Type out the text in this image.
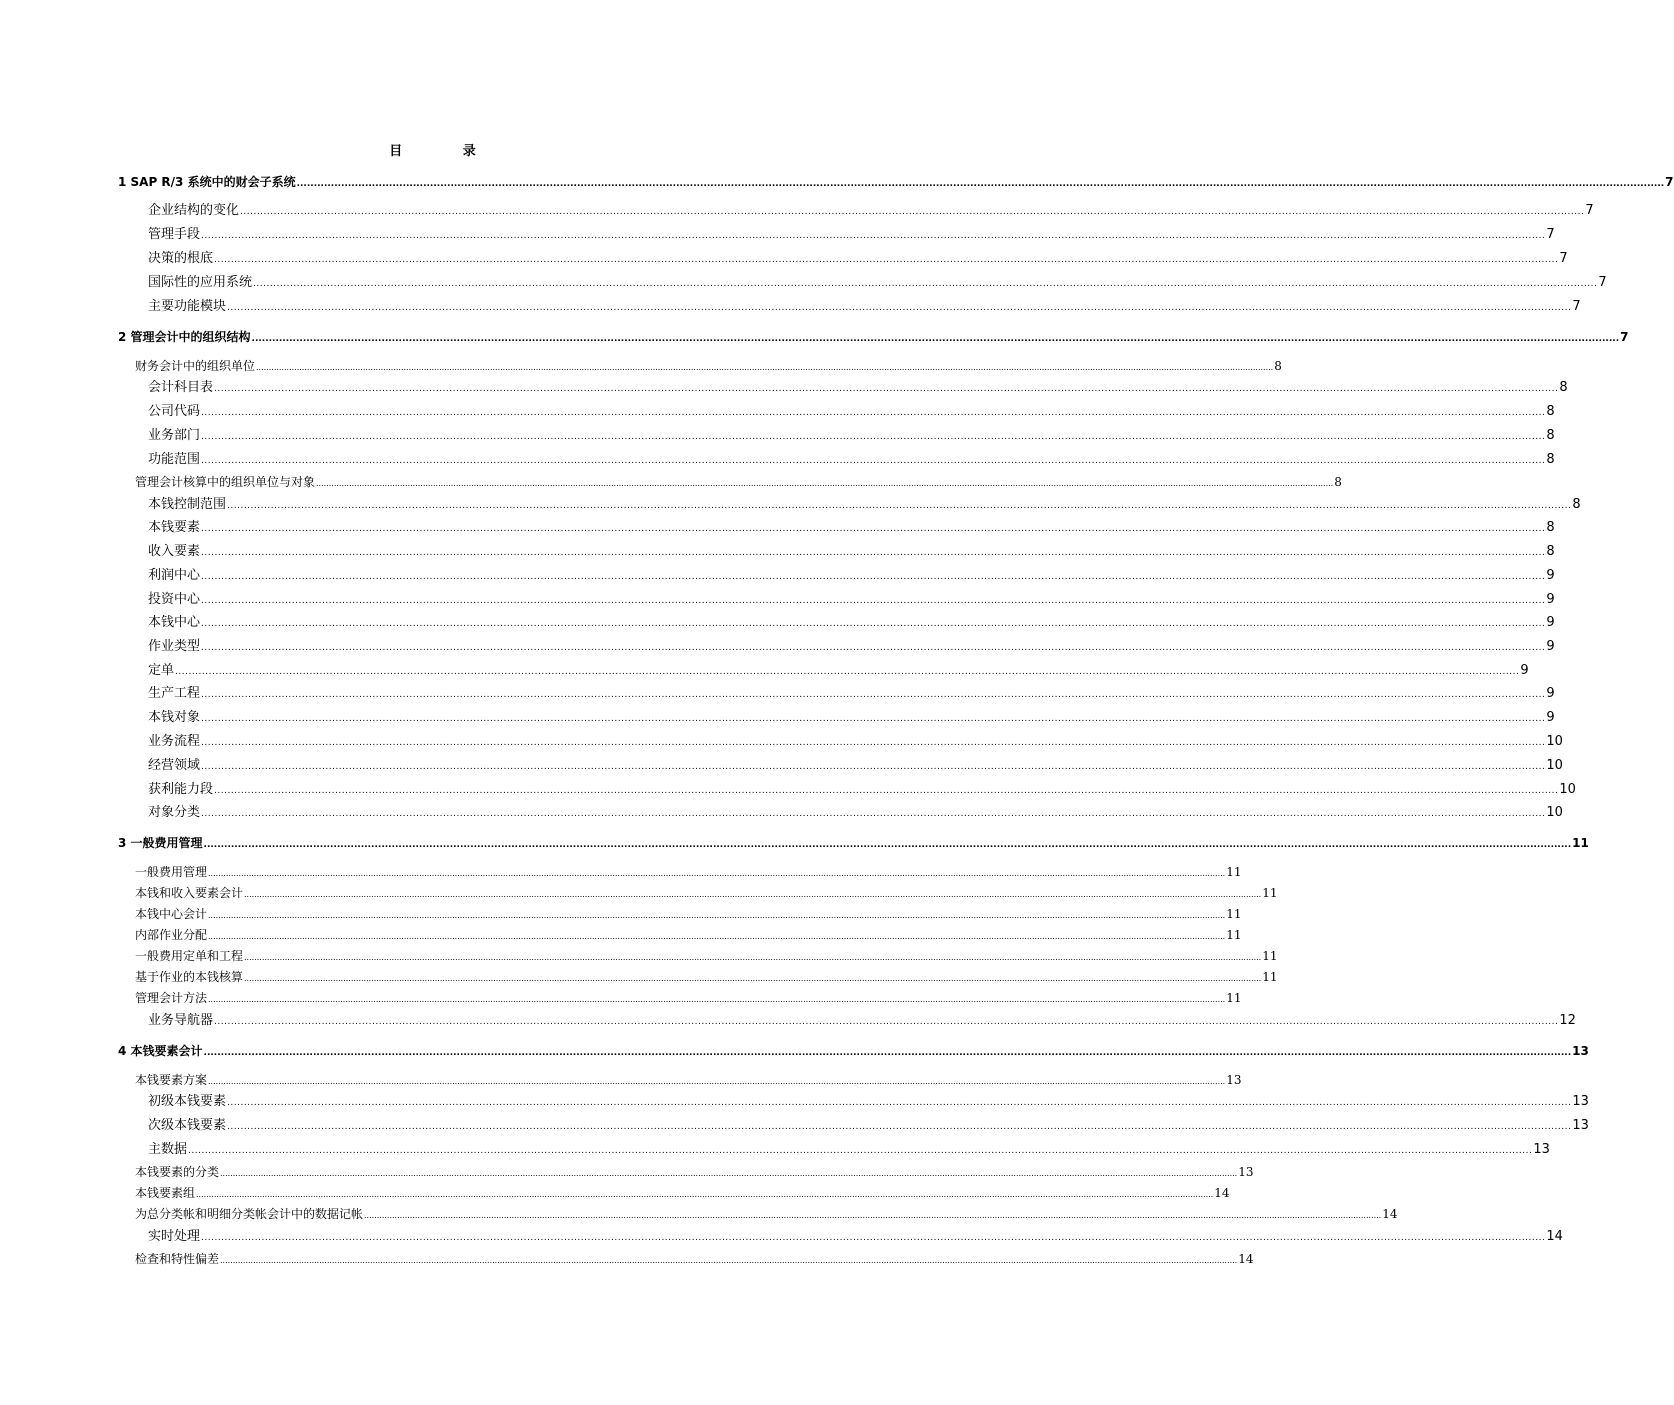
目 录
1 SAP R/3 系统中的财会子系统 ................................................................................................................................................................................................................................................................................................................................................................................................................ 7
企业结构的变化 ................................................................................................................................................................................................................................................................................................................................................................................................................ 7
管理手段 ................................................................................................................................................................................................................................................................................................................................................................................................................ 7
决策的根底 ................................................................................................................................................................................................................................................................................................................................................................................................................ 7
国际性的应用系统 ................................................................................................................................................................................................................................................................................................................................................................................................................ 7
主要功能模块 ................................................................................................................................................................................................................................................................................................................................................................................................................ 7
2 管理会计中的组织结构 ................................................................................................................................................................................................................................................................................................................................................................................................................ 7
财务会计中的组织单位 ................................................................................................................................................................................................................................................................................................................................................................................................................ 8
会计科目表 ................................................................................................................................................................................................................................................................................................................................................................................................................ 8
公司代码 ................................................................................................................................................................................................................................................................................................................................................................................................................ 8
业务部门 ................................................................................................................................................................................................................................................................................................................................................................................................................ 8
功能范围 ................................................................................................................................................................................................................................................................................................................................................................................................................ 8
管理会计核算中的组织单位与对象 ................................................................................................................................................................................................................................................................................................................................................................................................................ 8
本钱控制范围 ................................................................................................................................................................................................................................................................................................................................................................................................................ 8
本钱要素 ................................................................................................................................................................................................................................................................................................................................................................................................................ 8
收入要素 ................................................................................................................................................................................................................................................................................................................................................................................................................ 8
利润中心 ................................................................................................................................................................................................................................................................................................................................................................................................................ 9
投资中心 ................................................................................................................................................................................................................................................................................................................................................................................................................ 9
本钱中心 ................................................................................................................................................................................................................................................................................................................................................................................................................ 9
作业类型 ................................................................................................................................................................................................................................................................................................................................................................................................................ 9
定单 ................................................................................................................................................................................................................................................................................................................................................................................................................ 9
生产工程 ................................................................................................................................................................................................................................................................................................................................................................................................................ 9
本钱对象 ................................................................................................................................................................................................................................................................................................................................................................................................................ 9
业务流程 ................................................................................................................................................................................................................................................................................................................................................................................................................ 10
经营领域 ................................................................................................................................................................................................................................................................................................................................................................................................................ 10
获利能力段 ................................................................................................................................................................................................................................................................................................................................................................................................................ 10
对象分类 ................................................................................................................................................................................................................................................................................................................................................................................................................ 10
3 一般费用管理 ................................................................................................................................................................................................................................................................................................................................................................................................................ 11
一般费用管理 ................................................................................................................................................................................................................................................................................................................................................................................................................ 11
本钱和收入要素会计 ................................................................................................................................................................................................................................................................................................................................................................................................................ 11
本钱中心会计 ................................................................................................................................................................................................................................................................................................................................................................................................................ 11
内部作业分配 ................................................................................................................................................................................................................................................................................................................................................................................................................ 11
一般费用定单和工程 ................................................................................................................................................................................................................................................................................................................................................................................................................ 11
基于作业的本钱核算 ................................................................................................................................................................................................................................................................................................................................................................................................................ 11
管理会计方法 ................................................................................................................................................................................................................................................................................................................................................................................................................ 11
业务导航器 ................................................................................................................................................................................................................................................................................................................................................................................................................ 12
4 本钱要素会计 ................................................................................................................................................................................................................................................................................................................................................................................................................ 13
本钱要素方案 ................................................................................................................................................................................................................................................................................................................................................................................................................ 13
初级本钱要素 ................................................................................................................................................................................................................................................................................................................................................................................................................ 13
次级本钱要素 ................................................................................................................................................................................................................................................................................................................................................................................................................ 13
主数据 ................................................................................................................................................................................................................................................................................................................................................................................................................ 13
本钱要素的分类 ................................................................................................................................................................................................................................................................................................................................................................................................................ 13
本钱要素组 ................................................................................................................................................................................................................................................................................................................................................................................................................ 14
为总分类帐和明细分类帐会计中的数据记帐 ................................................................................................................................................................................................................................................................................................................................................................................................................ 14
实时处理 ................................................................................................................................................................................................................................................................................................................................................................................................................ 14
检查和特性偏差 ................................................................................................................................................................................................................................................................................................................................................................................................................ 14
